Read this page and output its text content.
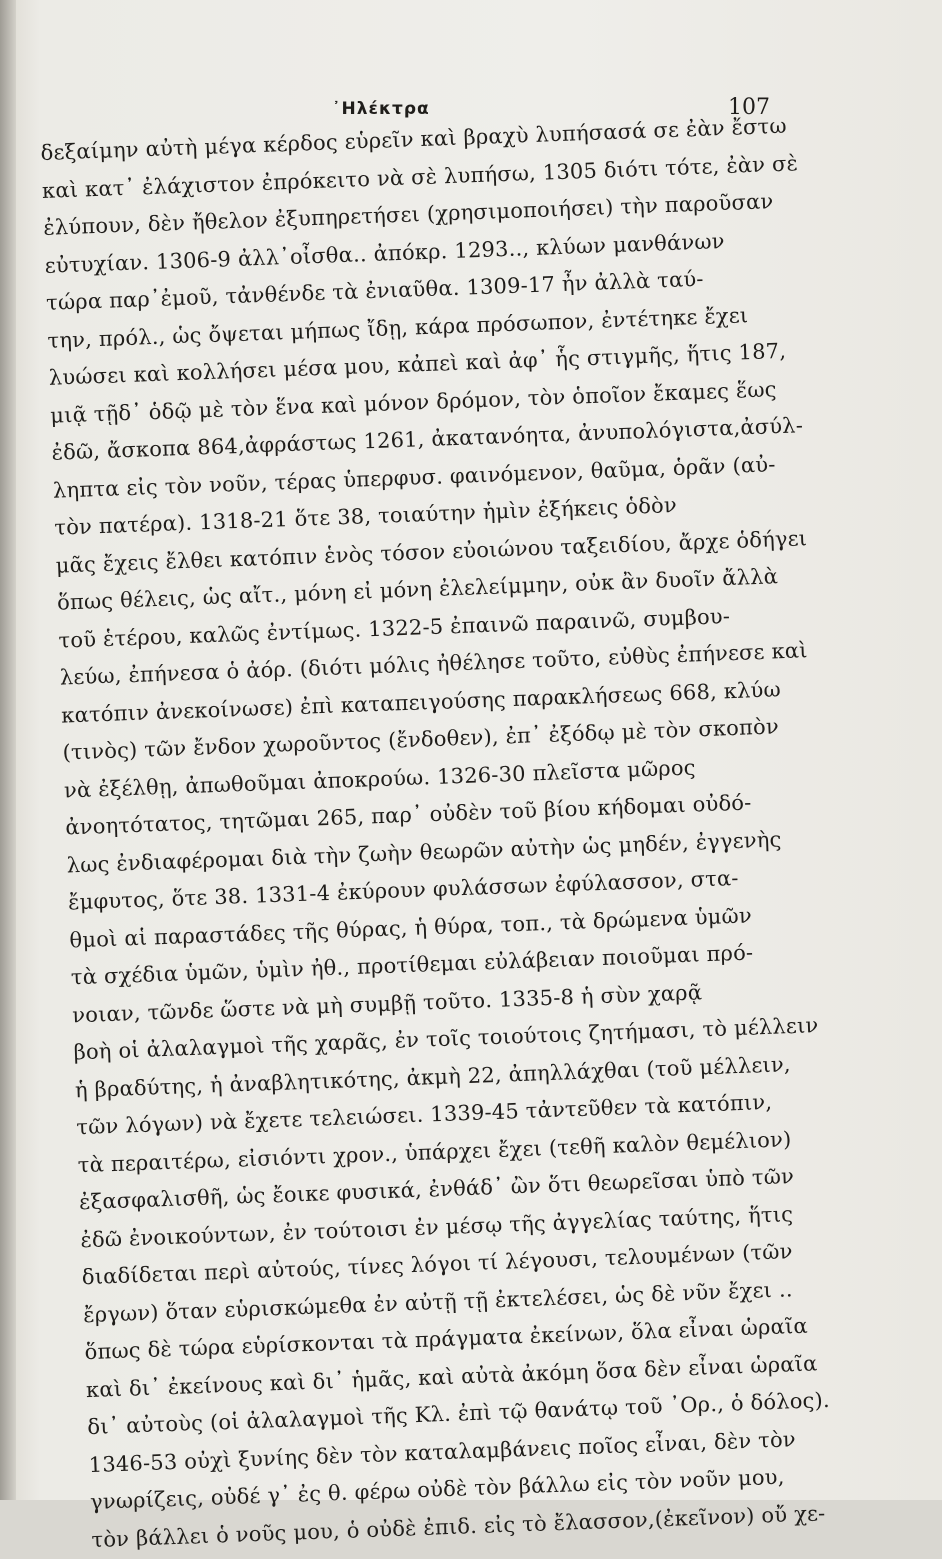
᾿Ηλέκτρα	107
δεξαίμην αὐτὴ μέγα κέρδος εὑρεῖν καὶ βραχὺ λυπήσασά σε ἐὰν ἔστω
καὶ κατ᾿ ἐλάχιστον ἐπρόκειτο νὰ σὲ λυπήσω, 1305 διότι τότε, ἐὰν σὲ
ἐλύπουν, δὲν ἤθελον ἐξυπηρετήσει (χρησιμοποιήσει) τὴν παροῦσαν
εὐτυχίαν. 1306-9 ἀλλ᾿οἶσθα.. ἀπόκρ. 1293.., κλύων μανθάνων
τώρα παρ᾿ἐμοῦ, τἀνθένδε τὰ ἐνιαῦθα. 1309-17 ἦν ἀλλὰ ταύ-
την, πρόλ., ὡς ὄψεται μήπως ἴδῃ, κάρα πρόσωπον, ἐντέτηκε ἔχει
λυώσει καὶ κολλήσει μέσα μου, κἀπεὶ καὶ ἀφ᾿ ἧς στιγμῆς, ἥτις 187,
μιᾷ τῇδ᾿ ὁδῷ μὲ τὸν ἕνα καὶ μόνον δρόμον, τὸν ὁποῖον ἔκαμες ἕως
ἐδῶ, ἄσκοπα 864,ἀφράστως 1261, ἀκατανόητα, ἀνυπολόγιστα,ἀσύλ-
ληπτα εἰς τὸν νοῦν, τέρας ὑπερφυσ. φαινόμενον, θαῦμα, ὁρᾶν (αὐ-
τὸν πατέρα). 1318-21 ὅτε 38, τοιαύτην ἡμὶν ἐξήκεις ὁδὸν
μᾶς ἔχεις ἔλθει κατόπιν ἑνὸς τόσον εὐοιώνου ταξειδίου, ἄρχε ὁδήγει
ὅπως θέλεις, ὡς αἴτ., μόνη εἰ μόνη ἐλελείμμην, οὐκ ἂν δυοῖν ἄλλὰ
τοῦ ἑτέρου, καλῶς ἐντίμως. 1322-5 ἐπαινῶ παραινῶ, συμβου-
λεύω, ἐπήνεσα ὁ ἀόρ. (διότι μόλις ἠθέλησε τοῦτο, εὐθὺς ἐπήνεσε καὶ
κατόπιν ἀνεκοίνωσε) ἐπὶ καταπειγούσης παρακλήσεως 668, κλύω
(τινὸς) τῶν ἔνδον χωροῦντος (ἔνδοθεν), ἐπ᾿ ἐξόδῳ μὲ τὸν σκοπὸν
νὰ ἐξέλθῃ, ἀπωθοῦμαι ἀποκρούω. 1326-30 πλεῖστα μῶρος
ἀνοητότατος, τητῶμαι 265, παρ᾿ οὐδὲν τοῦ βίου κήδομαι οὐδό-
λως ἐνδιαφέρομαι διὰ τὴν ζωὴν θεωρῶν αὐτὴν ὡς μηδέν, ἐγγενὴς
ἔμφυτος, ὅτε 38. 1331-4 ἐκύρουν φυλάσσων ἐφύλασσον, στα-
θμοὶ αἱ παραστάδες τῆς θύρας, ἡ θύρα, τοπ., τὰ δρώμενα ὑμῶν
τὰ σχέδια ὑμῶν, ὑμὶν ἠθ., προτίθεμαι εὐλάβειαν ποιοῦμαι πρό-
νοιαν, τῶνδε ὥστε νὰ μὴ συμβῇ τοῦτο. 1335-8 ἡ σὺν χαρᾷ
βοὴ οἱ ἀλαλαγμοὶ τῆς χαρᾶς, ἐν τοῖς τοιούτοις ζητήμασι, τὸ μέλλειν
ἡ βραδύτης, ἡ ἀναβλητικότης, ἀκμὴ 22, ἀπηλλάχθαι (τοῦ μέλλειν,
τῶν λόγων) νὰ ἔχετε τελειώσει. 1339-45 τἀντεῦθεν τὰ κατόπιν,
τὰ περαιτέρω, εἰσιόντι χρον., ὑπάρχει ἔχει (τεθῆ καλὸν θεμέλιον)
ἐξασφαλισθῆ, ὡς ἔοικε φυσικά, ἐνθάδ᾿ ὢν ὅτι θεωρεῖσαι ὑπὸ τῶν
ἐδῶ ἐνοικούντων, ἐν τούτοισι ἐν μέσῳ τῆς ἀγγελίας ταύτης, ἥτις
διαδίδεται περὶ αὐτούς, τίνες λόγοι τί λέγουσι, τελουμένων (τῶν
ἔργων) ὅταν εὑρισκώμεθα ἐν αὐτῇ τῇ ἐκτελέσει, ὡς δὲ νῦν ἔχει ..
ὅπως δὲ τώρα εὑρίσκονται τὰ πράγματα ἐκείνων, ὅλα εἶναι ὡραῖα
καὶ δι᾿ ἐκείνους καὶ δι᾿ ἡμᾶς, καὶ αὐτὰ ἀκόμη ὅσα δὲν εἶναι ὡραῖα
δι᾿ αὐτοὺς (οἱ ἀλαλαγμοὶ τῆς Κλ. ἐπὶ τῷ θανάτῳ τοῦ ᾿Ορ., ὁ δόλος).
1346-53 οὐχὶ ξυνίης δὲν τὸν καταλαμβάνεις ποῖος εἶναι, δὲν τὸν
γνωρίζεις, οὐδέ γ᾿ ἐς θ. φέρω οὐδὲ τὸν βάλλω εἰς τὸν νοῦν μου,
τὸν βάλλει ὁ νοῦς μου, ὁ οὐδὲ ἐπιδ. εἰς τὸ ἔλασσον,(ἐκεῖνον) οὔ χε-
